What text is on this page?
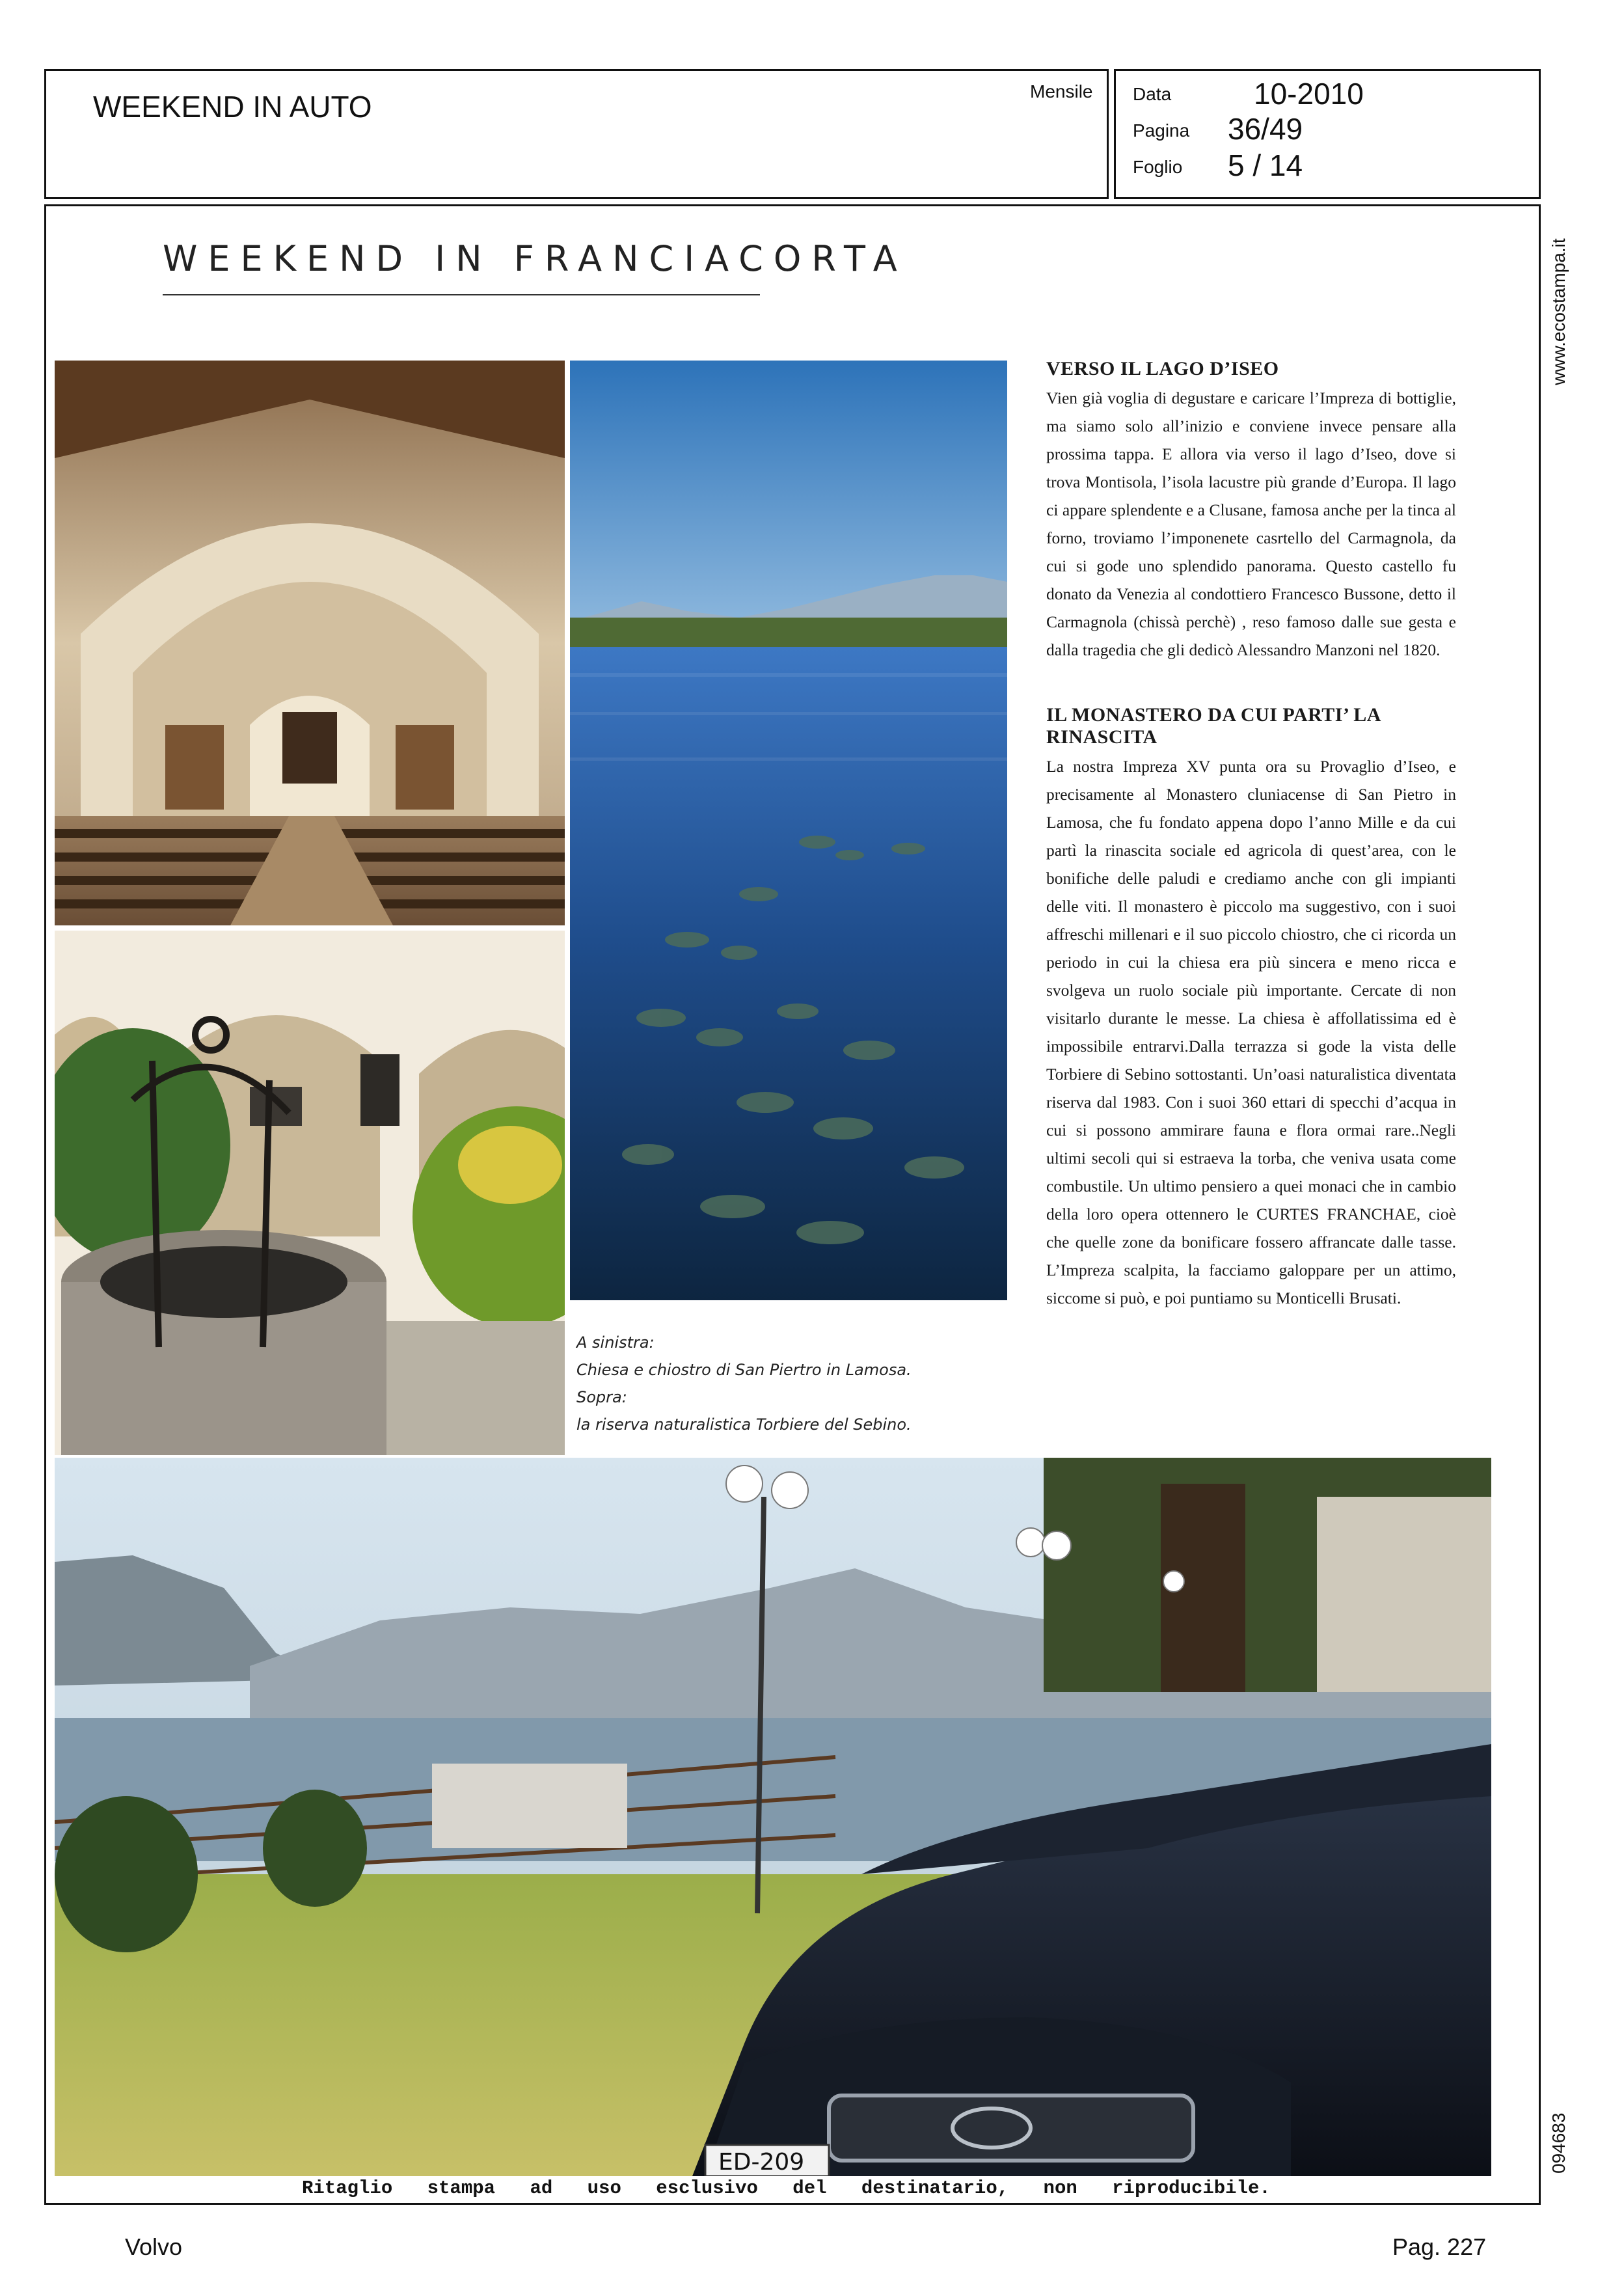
WEEKEND IN AUTO	Mensile Data	10-2010
Pagina 36/49
Foglio 5 / 14
WEEKEND IN FRANCIACORTA	www.ecostampa.it
094683
A sinistra:
Chiesa e chiostro di San Piertro in Lamosa.
Sopra:
la riserva naturalistica Torbiere del Sebino.
VERSO IL LAGO D’ISEO

Vien già voglia di degustare e caricare l’Impreza di bottiglie, ma siamo solo all’inizio e conviene invece pensare alla prossima tappa. E allora via verso il lago d’Iseo, dove si trova Montisola, l’isola lacustre più grande d’Europa. Il lago ci appare splendente e a Clusane, famosa anche per la tinca al forno, troviamo l’imponenete casrtello del Carmagnola, da cui si gode uno splendido panorama. Questo castello fu donato da Venezia al condottiero Francesco Bussone, detto il Carmagnola (chissà perchè) , reso famoso dalle sue gesta e dalla tragedia che gli dedicò Alessandro Manzoni nel 1820.

IL MONASTERO DA CUI PARTI’ LA RINASCITA

La nostra Impreza XV punta ora su Provaglio d’Iseo, e precisamente al Monastero cluniacense di San Pietro in Lamosa, che fu fondato appena dopo l’anno Mille e da cui partì la rinascita sociale ed agricola di quest’area, con le bonifiche delle paludi e crediamo anche con gli impianti delle viti. Il monastero è piccolo ma suggestivo, con i suoi affreschi millenari e il suo piccolo chiostro, che ci ricorda un periodo in cui la chiesa era più sincera e meno ricca e svolgeva un ruolo sociale più importante. Cercate di non visitarlo durante le messe. La chiesa è affollatissima ed è impossibile entrarvi.Dalla terrazza si gode la vista delle Torbiere di Sebino sottostanti. Un’oasi naturalistica diventata riserva dal 1983. Con i suoi 360 ettari di specchi d’acqua in cui si possono ammirare fauna e flora ormai rare..Negli ultimi secoli qui si estraeva la torba, che veniva usata come combustile. Un ultimo pensiero a quei monaci che in cambio della loro opera ottennero le CURTES FRANCHAE, cioè che quelle zone da bonificare fossero affrancate dalle tasse. L’Impreza scalpita, la facciamo galoppare per un attimo, siccome si può, e poi puntiamo su Monticelli Brusati.

ED-209
Ritaglio stampa ad uso esclusivo del destinatario, non riproducibile.
Volvo	Pag. 227
